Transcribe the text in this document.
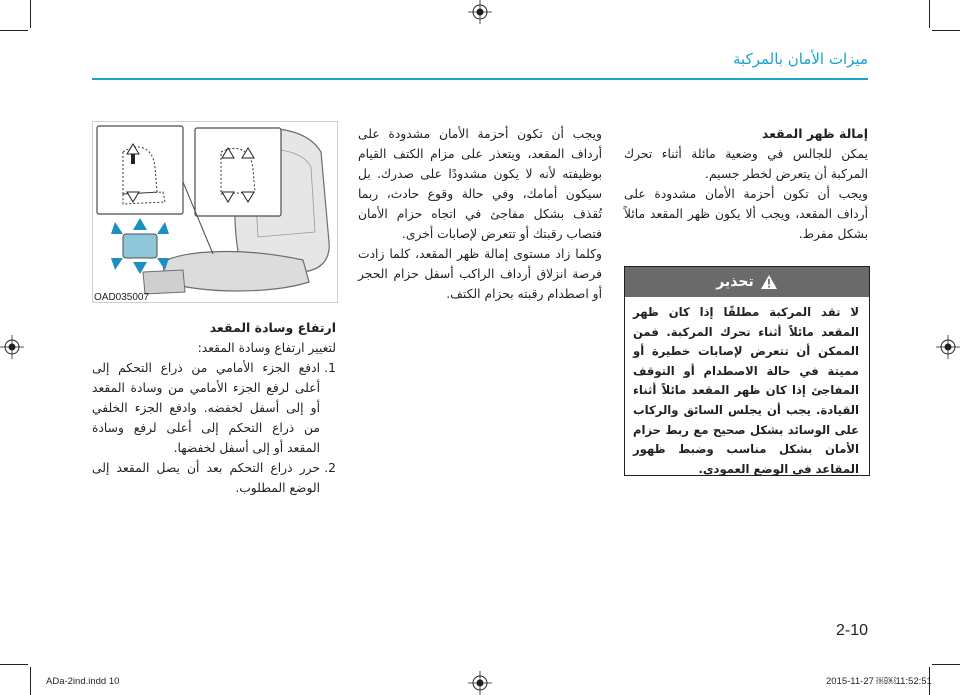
ميزات الأمان بالمركبة

إمالة ظهر المقعد

يمكن للجالس في وضعية مائلة أثناء تحرك المركبة أن يتعرض لخطر جسيم.

ويجب أن تكون أحزمة الأمان مشدودة على أرداف المقعد، ويجب ألا يكون ظهر المقعد مائلاً بشكل مفرط.

تحذير
لا تقد المركبة مطلقًا إذا كان ظهر المقعد مائلاً أثناء تحرك المركبة. فمن الممكن أن تتعرض لإصابات خطيرة أو مميتة في حالة الاصطدام أو التوقف المفاجئ إذا كان ظهر المقعد مائلاً أثناء القيادة. يجب أن يجلس السائق والركاب على الوسائد بشكل صحيح مع ربط حزام الأمان بشكل مناسب وضبط ظهور المقاعد في الوضع العمودي.

ويجب أن تكون أحزمة الأمان مشدودة على أرداف المقعد، ويتعذر على مزام الكتف القيام بوظيفته لأنه لا يكون مشدودًا على صدرك. بل سيكون أمامك، وفي حالة وقوع حادث، ربما تُقذف بشكل مفاجئ في اتجاه حزام الأمان فتصاب رقبتك أو تتعرض لإصابات أخرى.

وكلما زاد مستوى إمالة ظهر المقعد، كلما زادت فرصة انزلاق أرداف الراكب أسفل حزام الحجر أو اصطدام رقبته بحزام الكتف.

OAD035007

ارتفاع وسادة المقعد

لتغيير ارتفاع وسادة المقعد:

1.
ادفع الجزء الأمامي من ذراع التحكم إلى أعلى لرفع الجزء الأمامي من وسادة المقعد أو إلى أسفل لخفضه. وادفع الجزء الخلفي من ذراع التحكم إلى أعلى لرفع وسادة المقعد أو إلى أسفل لخفضها.
2.
حرر ذراع التحكم بعد أن يصل المقعد إلى الوضع المطلوب.
2-10
ADa-2ind.indd 10	2015-11-27 ￼￼11:52:51
